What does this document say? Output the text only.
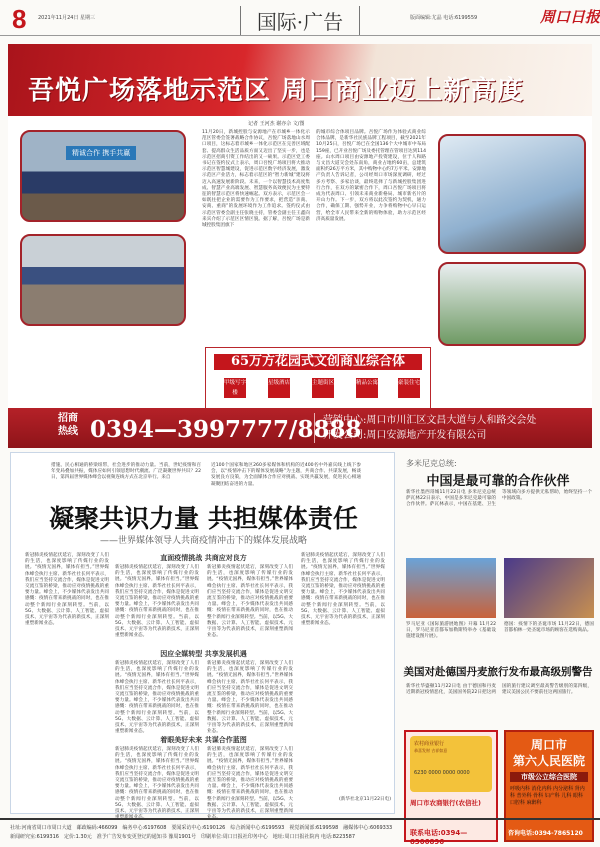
8 2021年11月24日 星期三	国际·广告	版面编辑:尤晶 电话:6199559	周口日报
吾悦广场落地示范区 周口商业迈上新高度
记者 王河杰 谢亦佘 文/图
精诚合作 携手共赢
11月20日，新城控股与安源地产在市城乡一体化示范区管委会签署战略合作协议，吾悦广场落地山水周口项目，这标志着市城乡一体化示范区在完善区域配套、提高群众生活品质方面又迈出了坚实一步，也是示范区招商引资工作结出的又一硕果。示范区党工委书记在签约仪式上表示，周口吾悦广场项目将大推动示范区智慧城建设，促进示范区数字经济发展，激发示范区产业活力，标志着示范区的“智力新城”建设将迈入高速发展新阶段。未来，一个以智慧技术高度集成、智慧产业高端发展、智慧服务高效便民为主要特征的智慧示范区将快速崛起。双方表示，示范区会一如既往把企业的需要作为工作要求，把营造“亲商、安商、重商”的发展环境作为工作追求。签约仪式由示范区管委会副主任张晓主持，管委会副主任王鑫向来宾介绍了示范区区情区貌。据了解，吾悦广场是新城控股集团旗下
的城市综合体项目品牌。吾悦广场作为体验式商业综合体品牌，是新华社民族品牌工程项目，截至2021年10月25日，吾悦广场已在全国136个大中城市中布局159座，已开业吾悦广场及委托管理在管项目达到114座。山水周口项目由安源地产投资建设，位于人和路与文昌大道交会处东南角，商业占地约60亩，总建筑面积约26万平方米，其中购物中心约7万平米。安源地产负责人告诉记者，公司经周口市场深度调研，经过多方考察、多家洽谈，最终选择了与新城控股集团进行合作，在双方的紧密合作下，周口吾悦广场项目将成为代表周口、引领未来商业新格局、城市新名片的开山力作。下一步，双方将以此次签约为契机，通力合作，确保工期、强势开业，力争将购物中心早日运营，给全市人民带来全新的购物体验，助力示范区经济高质量发展。
65万方花园式文创商业综合体
甲级写字楼
星级酒店	主题街区	精品公寓	豪装住宅
招商热线 0394—3997777/8888
营销中心:周口市川汇区文昌大道与人和路交会处
开发公司:周口安源地产开发有限公司
措施、民心相通的桥梁纽带，社会进步的推动力量。当前，世纪疫情和百年变局叠加共振，媒体应如何引领思想时代潮流、广泛凝聚世界共识？22日，第四届世界媒体峰会以视频连线方式在北京举行。来自
近100个国家和地区260多家媒体和机构的近400名中外嘉宾线上线下参会，以“疫情冲击下的媒体发展战略”为主题，共商合作、共谋发展，畅谈发展良方良策，为全面媒体合作应对挑战、实现共赢发展，促进民心相通凝聚团结奋进的力量。
凝聚共识力量 共担媒体责任
——世界媒体领导人共商疫情冲击下的媒体发展战略
直面疫情挑战 共商应对良方
因应全媒转型 共享发展机遇
着眼美好未来 共谋合作蓝图
新冠肺炎疫情起伏延宕，深刻改变了人们的生活，也深度影响了传媒行业的发展。“疫情无国界，媒体有担当。”世界媒体峰会执行主席、新华社社长何平表示，我们应当坚持交流合作，媒体是促进文明交流互鉴的桥梁，推动应对疫情挑战的重要力量。峰会上，不少媒体代表发出共同感慨：疫情在带来新挑战的同时，也在推动整个新闻行业深刻转型。当前，以5G、大数据、云计算、人工智能、虚拟技术、元宇宙等为代表的新技术，正深刻重塑新闻业态。
新冠肺炎疫情起伏延宕，深刻改变了人们的生活，也深度影响了传媒行业的发展。“疫情无国界，媒体有担当。”世界媒体峰会执行主席、新华社社长何平表示，我们应当坚持交流合作，媒体是促进文明交流互鉴的桥梁，推动应对疫情挑战的重要力量。峰会上，不少媒体代表发出共同感慨：疫情在带来新挑战的同时，也在推动整个新闻行业深刻转型。当前，以5G、大数据、云计算、人工智能、虚拟技术、元宇宙等为代表的新技术，正深刻重塑新闻业态。
新冠肺炎疫情起伏延宕，深刻改变了人们的生活，也深度影响了传媒行业的发展。“疫情无国界，媒体有担当。”世界媒体峰会执行主席、新华社社长何平表示，我们应当坚持交流合作，媒体是促进文明交流互鉴的桥梁，推动应对疫情挑战的重要力量。峰会上，不少媒体代表发出共同感慨：疫情在带来新挑战的同时，也在推动整个新闻行业深刻转型。当前，以5G、大数据、云计算、人工智能、虚拟技术、元宇宙等为代表的新技术，正深刻重塑新闻业态。
新冠肺炎疫情起伏延宕，深刻改变了人们的生活，也深度影响了传媒行业的发展。“疫情无国界，媒体有担当。”世界媒体峰会执行主席、新华社社长何平表示，我们应当坚持交流合作，媒体是促进文明交流互鉴的桥梁，推动应对疫情挑战的重要力量。峰会上，不少媒体代表发出共同感慨：疫情在带来新挑战的同时，也在推动整个新闻行业深刻转型。当前，以5G、大数据、云计算、人工智能、虚拟技术、元宇宙等为代表的新技术，正深刻重塑新闻业态。
新冠肺炎疫情起伏延宕，深刻改变了人们的生活，也深度影响了传媒行业的发展。“疫情无国界，媒体有担当。”世界媒体峰会执行主席、新华社社长何平表示，我们应当坚持交流合作，媒体是促进文明交流互鉴的桥梁，推动应对疫情挑战的重要力量。峰会上，不少媒体代表发出共同感慨：疫情在带来新挑战的同时，也在推动整个新闻行业深刻转型。当前，以5G、大数据、云计算、人工智能、虚拟技术、元宇宙等为代表的新技术，正深刻重塑新闻业态。
新冠肺炎疫情起伏延宕，深刻改变了人们的生活，也深度影响了传媒行业的发展。“疫情无国界，媒体有担当。”世界媒体峰会执行主席、新华社社长何平表示，我们应当坚持交流合作，媒体是促进文明交流互鉴的桥梁，推动应对疫情挑战的重要力量。峰会上，不少媒体代表发出共同感慨：疫情在带来新挑战的同时，也在推动整个新闻行业深刻转型。当前，以5G、大数据、云计算、人工智能、虚拟技术、元宇宙等为代表的新技术，正深刻重塑新闻业态。
新冠肺炎疫情起伏延宕，深刻改变了人们的生活，也深度影响了传媒行业的发展。“疫情无国界，媒体有担当。”世界媒体峰会执行主席、新华社社长何平表示，我们应当坚持交流合作，媒体是促进文明交流互鉴的桥梁，推动应对疫情挑战的重要力量。峰会上，不少媒体代表发出共同感慨：疫情在带来新挑战的同时，也在推动整个新闻行业深刻转型。当前，以5G、大数据、云计算、人工智能、虚拟技术、元宇宙等为代表的新技术，正深刻重塑新闻业态。
新冠肺炎疫情起伏延宕，深刻改变了人们的生活，也深度影响了传媒行业的发展。“疫情无国界，媒体有担当。”世界媒体峰会执行主席、新华社社长何平表示，我们应当坚持交流合作，媒体是促进文明交流互鉴的桥梁，推动应对疫情挑战的重要力量。峰会上，不少媒体代表发出共同感慨：疫情在带来新挑战的同时，也在推动整个新闻行业深刻转型。当前，以5G、大数据、云计算、人工智能、虚拟技术、元宇宙等为代表的新技术，正深刻重塑新闻业态。
(新华社北京11月22日电)
多米尼克总统:
中国是最可靠的合作伙伴
新华社墨西哥城11月22日电 多米尼克总统萨瓦林22日表示，中国是多米尼克最可靠的合作伙伴。萨瓦林表示，中国在基建、卫生等领域向多方提供无私帮助，始终坚持一个中国政策。
罗马尼亚《国际旅游展地图》开幕 11月22日，罗马尼亚首都布加勒斯特举办《基础设施建设图片展》。
德国：疫情下的圣诞市场 11月22日，德国首都柏林一处圣诞市场的顾客在选购商品。
美国对赴德国丹麦旅行发布最高级别警告
新华社华盛顿11月22日电 由于德国和丹麦近期新冠疫情恶化，美国国务院22日把这两国的旅行建议调至最高警告级别的第四级，建议美国公民不要前往这两国旅行。
农村商业银行
恭喜发财 吉祥如意
6230 0000 0000 0000
周口市农商银行(农信社)
联系电话:0394—8306896
周口市
第六人民医院
市级公立综合医院
呼吸内科 消化内科 内分泌科 肾内科 普外科 骨科 妇产科 儿科 眼科 口腔科 麻醉科
咨询电话:0394-7865120
社址:河南省周口市周口大道　邮政编码:466099　编务中心:6197608　要闻采访中心:6190126　综合新闻中心:6199593　视觉新闻部:6199598　融媒体中心:6069333
新闻研究室:6199316　定价:1.30元　准予广告发布变更登记的通知书 豫周1901号　印刷单位:周口日报社印务中心　地址:周口日报社院内 电话:8223587
